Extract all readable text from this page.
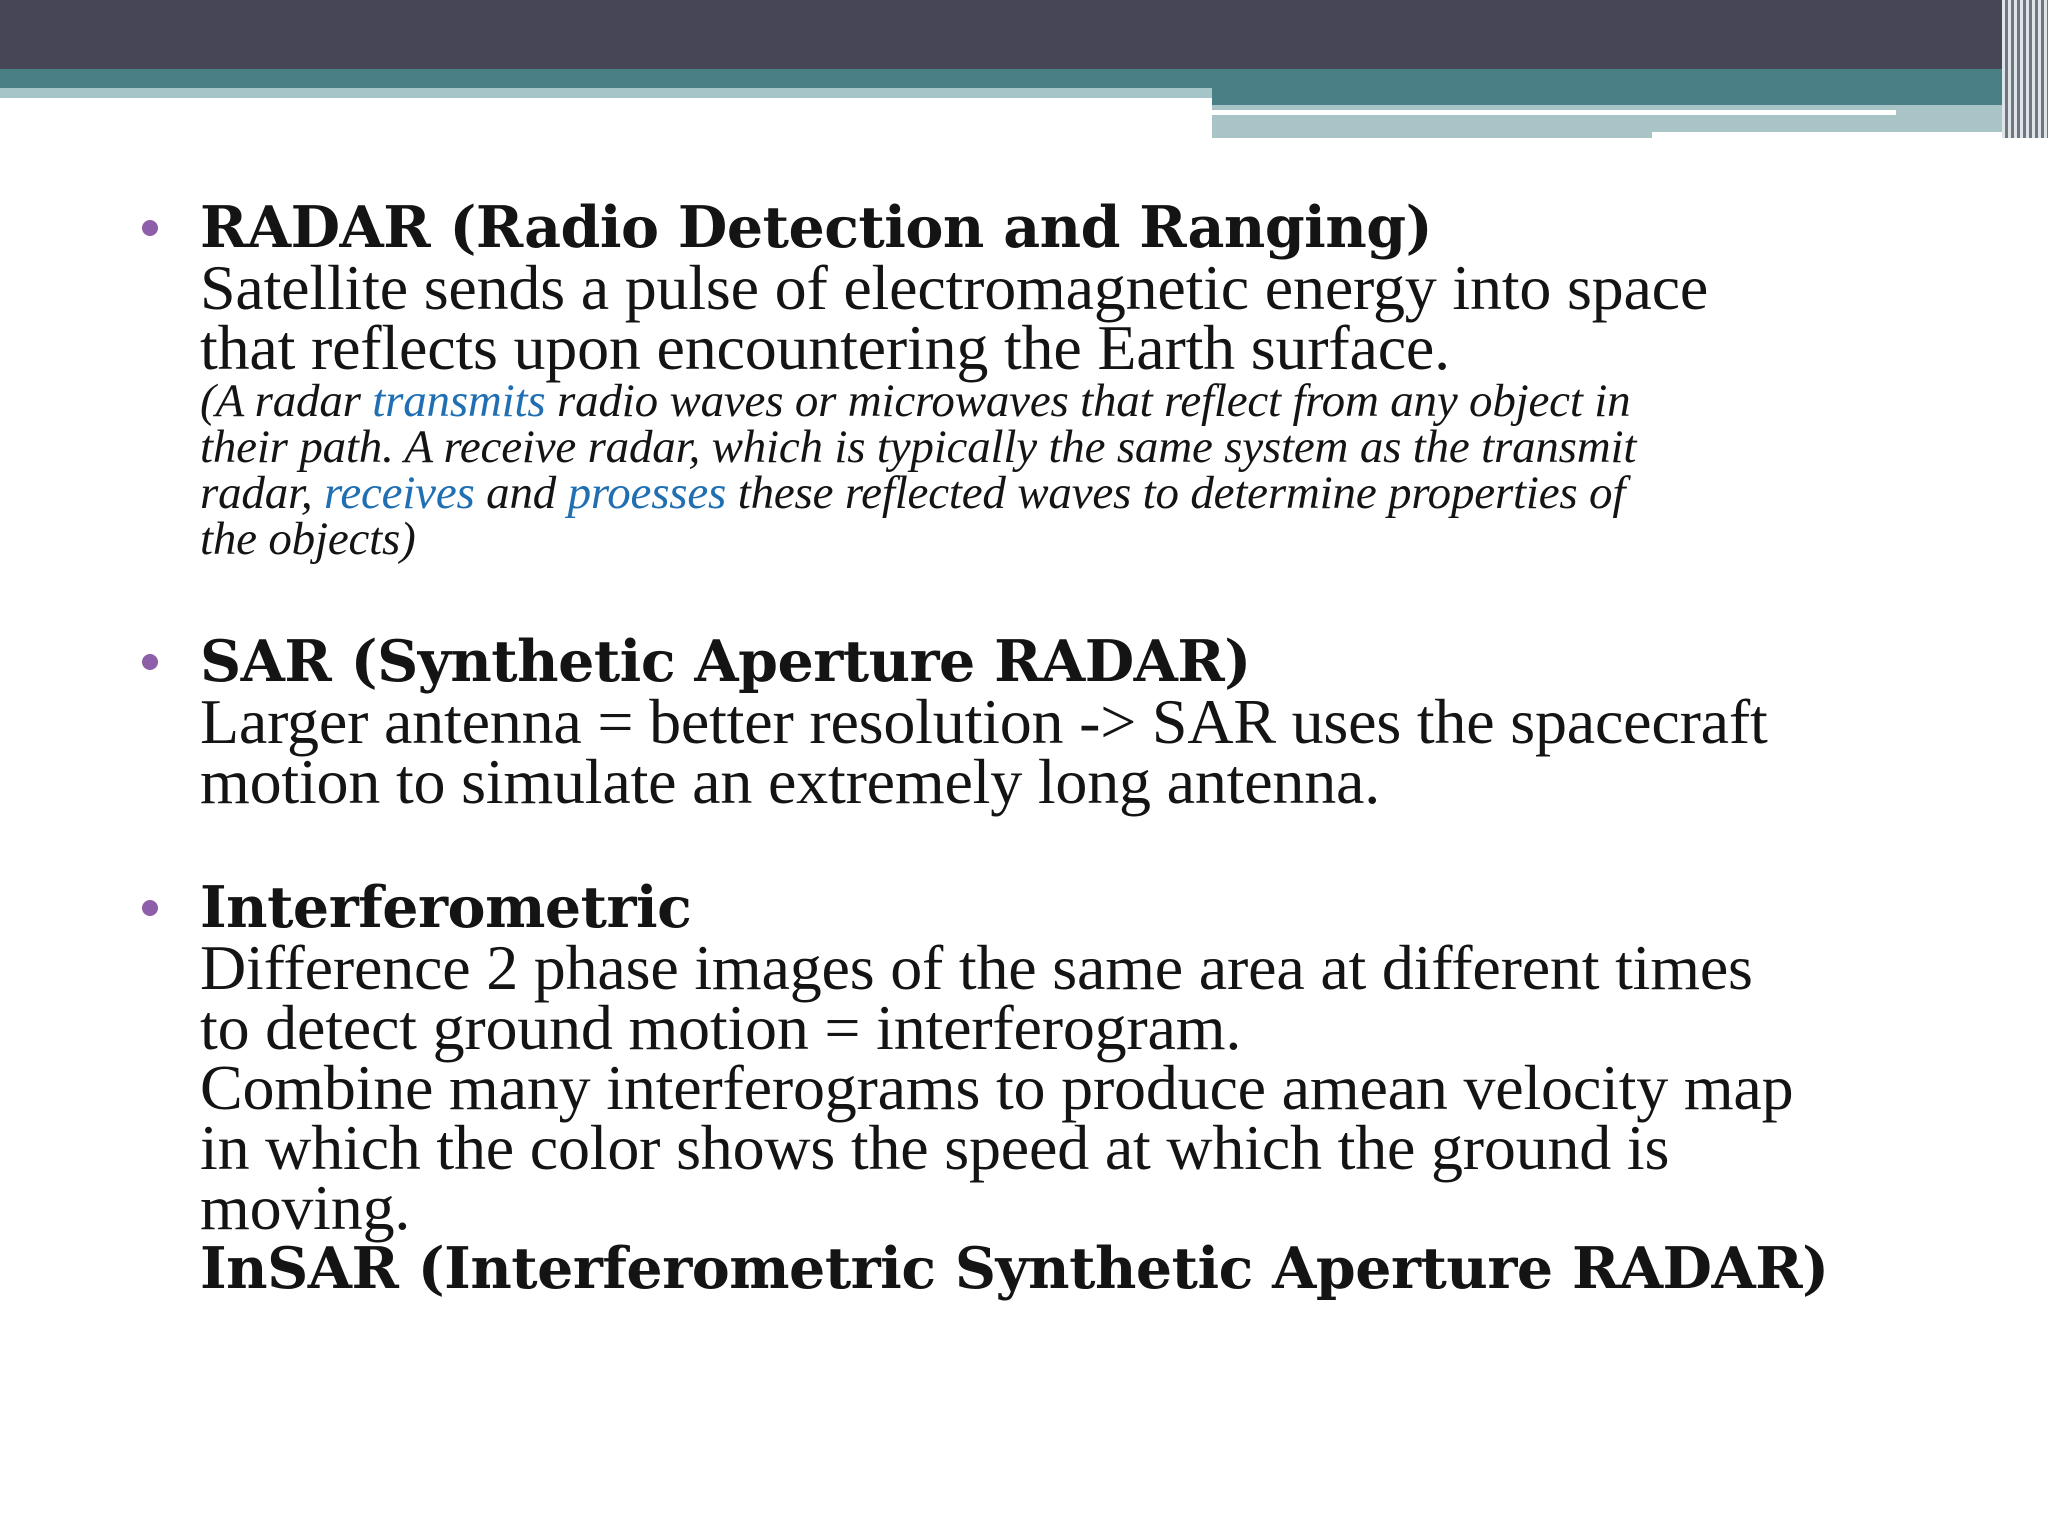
RADAR (Radio Detection and Ranging)
Satellite sends a pulse of electromagnetic energy into space
that reflects upon encountering the Earth surface.
(A radar transmits radio waves or microwaves that reflect from any object in
their path. A receive radar, which is typically the same system as the transmit
radar, receives and proesses these reflected waves to determine properties of
the objects)
SAR (Synthetic Aperture RADAR)
Larger antenna = better resolution -> SAR uses the spacecraft
motion to simulate an extremely long antenna.
Interferometric
Difference 2 phase images of the same area at different times
to detect ground motion = interferogram.
Combine many interferograms to produce amean velocity map
in which the color shows the speed at which the ground is
moving.
InSAR (Interferometric Synthetic Aperture RADAR)
